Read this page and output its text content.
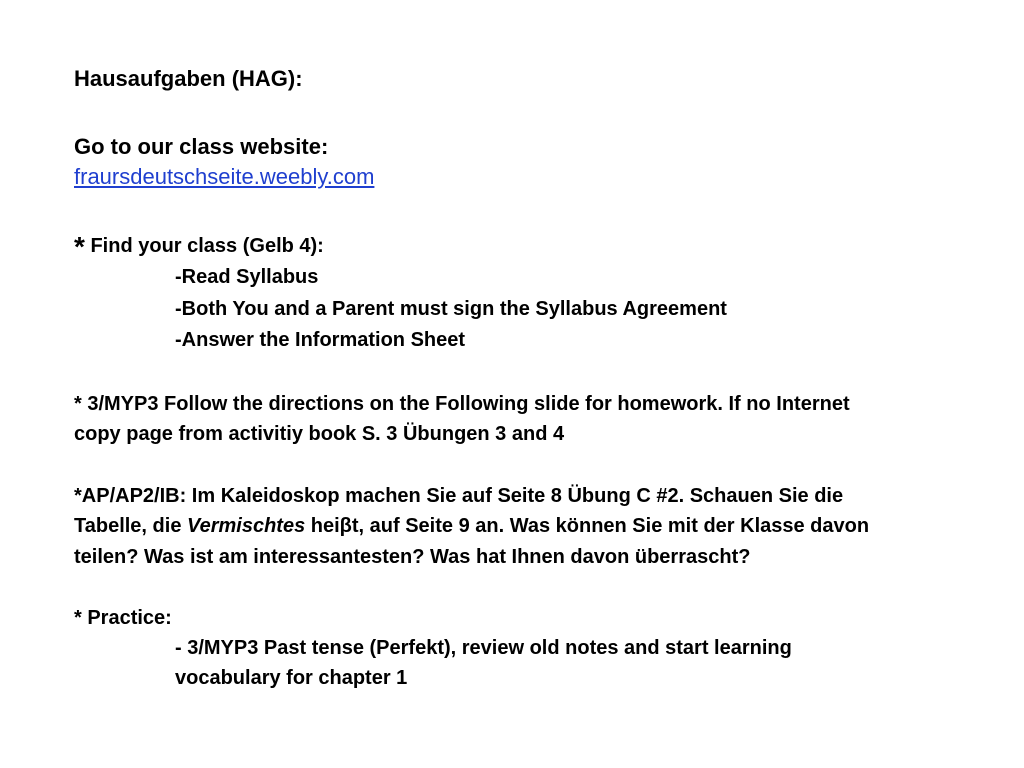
Hausaufgaben (HAG):
Go to our class website:
fraursdeutschseite.weebly.com
* Find your class (Gelb 4):
-Read Syllabus
-Both You and a Parent must sign the Syllabus Agreement
-Answer the Information Sheet
* 3/MYP3 Follow the directions on the Following slide for homework. If no Internet
copy page from activitiy book S. 3 Übungen 3 and 4
*AP/AP2/IB: Im Kaleidoskop machen Sie auf Seite 8 Übung C #2. Schauen Sie die
Tabelle, die Vermischtes heiβt, auf Seite 9 an. Was können Sie mit der Klasse davon
teilen? Was ist am interessantesten? Was hat Ihnen davon überrascht?
* Practice:
- 3/MYP3 Past tense (Perfekt), review old notes and start learning
vocabulary for chapter 1
